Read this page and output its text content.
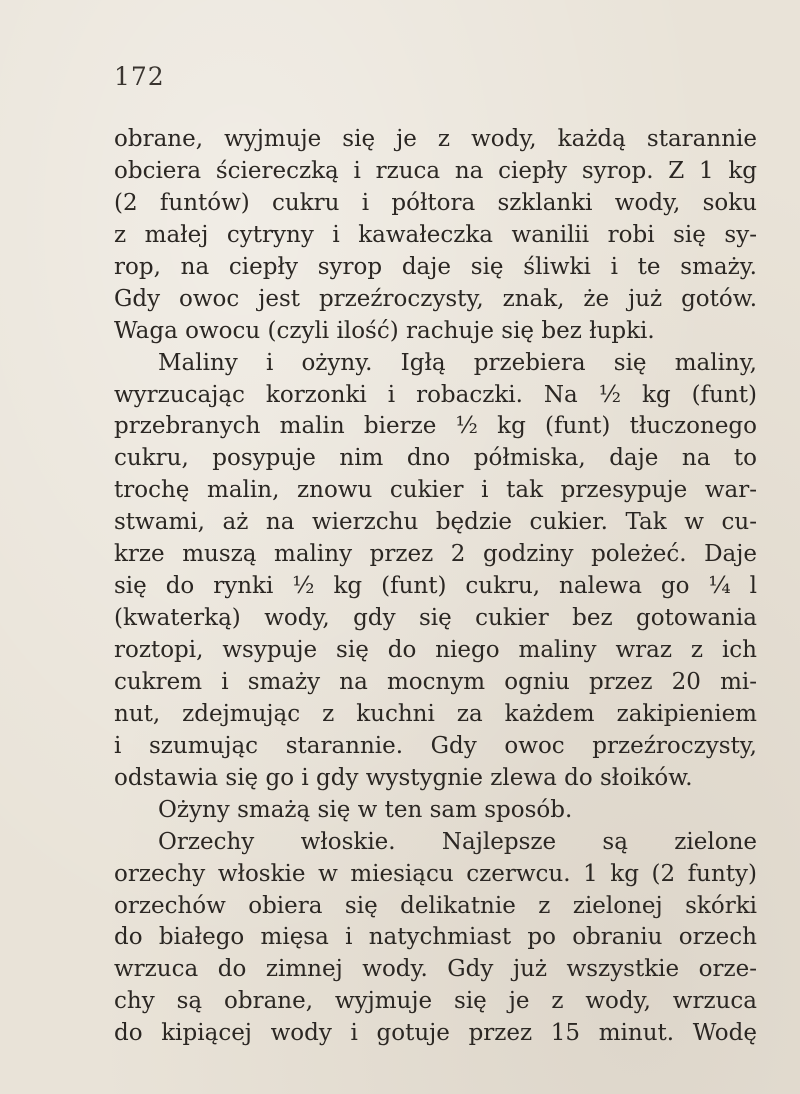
172
obrane, wyjmuje się je z wody, każdą starannie
obciera ściereczką i rzuca na ciepły syrop. Z 1 kg
(2 funtów) cukru i półtora szklanki wody, soku
z małej cytryny i kawałeczka wanilii robi się sy-
rop, na ciepły syrop daje się śliwki i te smaży.
Gdy owoc jest przeźroczysty, znak, że już gotów.
Waga owocu (czyli ilość) rachuje się bez łupki.
Maliny i ożyny. Igłą przebiera się maliny,
wyrzucając korzonki i robaczki. Na ½ kg (funt)
przebranych malin bierze ½ kg (funt) tłuczonego
cukru, posypuje nim dno półmiska, daje na to
trochę malin, znowu cukier i tak przesypuje war-
stwami, aż na wierzchu będzie cukier. Tak w cu-
krze muszą maliny przez 2 godziny poleżeć. Daje
się do rynki ½ kg (funt) cukru, nalewa go ¼ l
(kwaterką) wody, gdy się cukier bez gotowania
roztopi, wsypuje się do niego maliny wraz z ich
cukrem i smaży na mocnym ogniu przez 20 mi-
nut, zdejmując z kuchni za każdem zakipieniem
i szumując starannie. Gdy owoc przeźroczysty,
odstawia się go i gdy wystygnie zlewa do słoików.
Ożyny smażą się w ten sam sposób.
Orzechy włoskie. Najlepsze są zielone
orzechy włoskie w miesiącu czerwcu. 1 kg (2 funty)
orzechów obiera się delikatnie z zielonej skórki
do białego mięsa i natychmiast po obraniu orzech
wrzuca do zimnej wody. Gdy już wszystkie orze-
chy są obrane, wyjmuje się je z wody, wrzuca
do kipiącej wody i gotuje przez 15 minut. Wodę
